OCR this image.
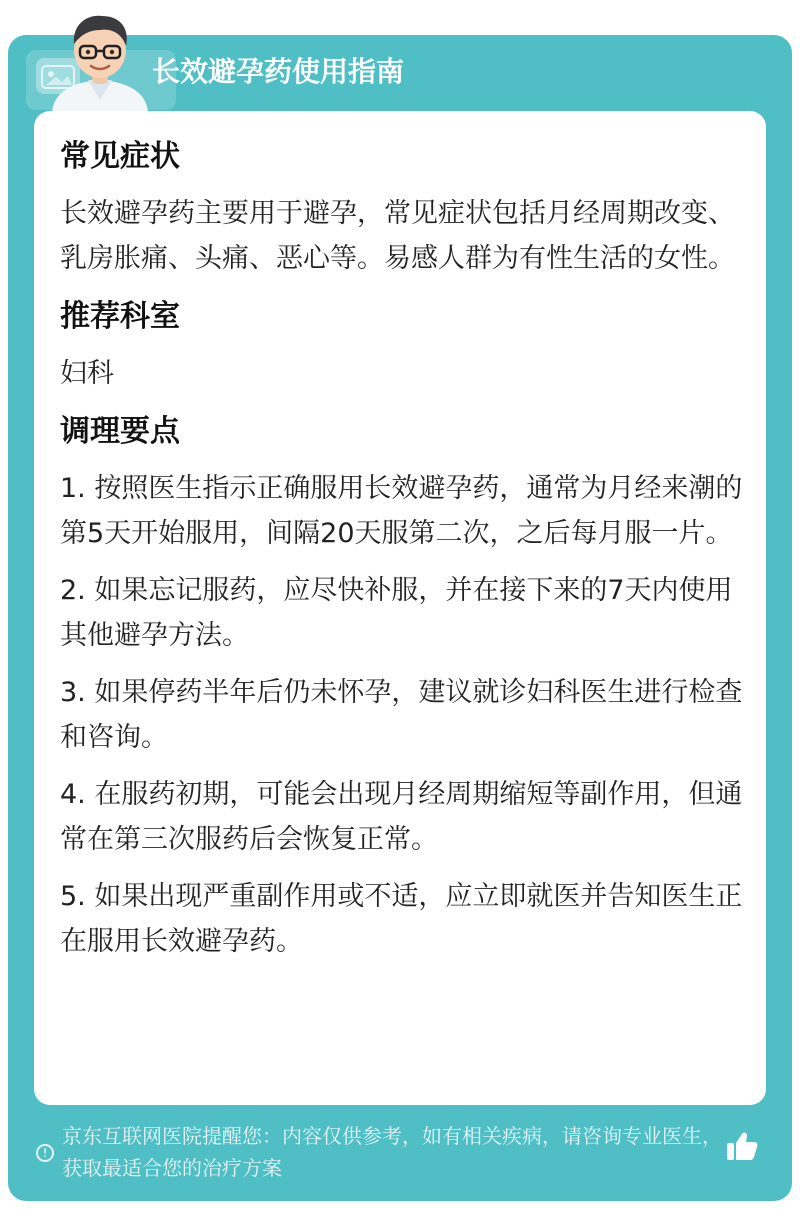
长效避孕药使用指南
常见症状
长效避孕药主要用于避孕，常见症状包括月经周期改变、乳房胀痛、头痛、恶心等。易感人群为有性生活的女性。
推荐科室
妇科
调理要点
1. 按照医生指示正确服用长效避孕药，通常为月经来潮的第5天开始服用，间隔20天服第二次，之后每月服一片。
2. 如果忘记服药，应尽快补服，并在接下来的7天内使用其他避孕方法。
3. 如果停药半年后仍未怀孕，建议就诊妇科医生进行检查和咨询。
4. 在服药初期，可能会出现月经周期缩短等副作用，但通常在第三次服药后会恢复正常。
5. 如果出现严重副作用或不适，应立即就医并告知医生正在服用长效避孕药。
!
京东互联网医院提醒您：内容仅供参考，如有相关疾病，请咨询专业医生，获取最适合您的治疗方案
